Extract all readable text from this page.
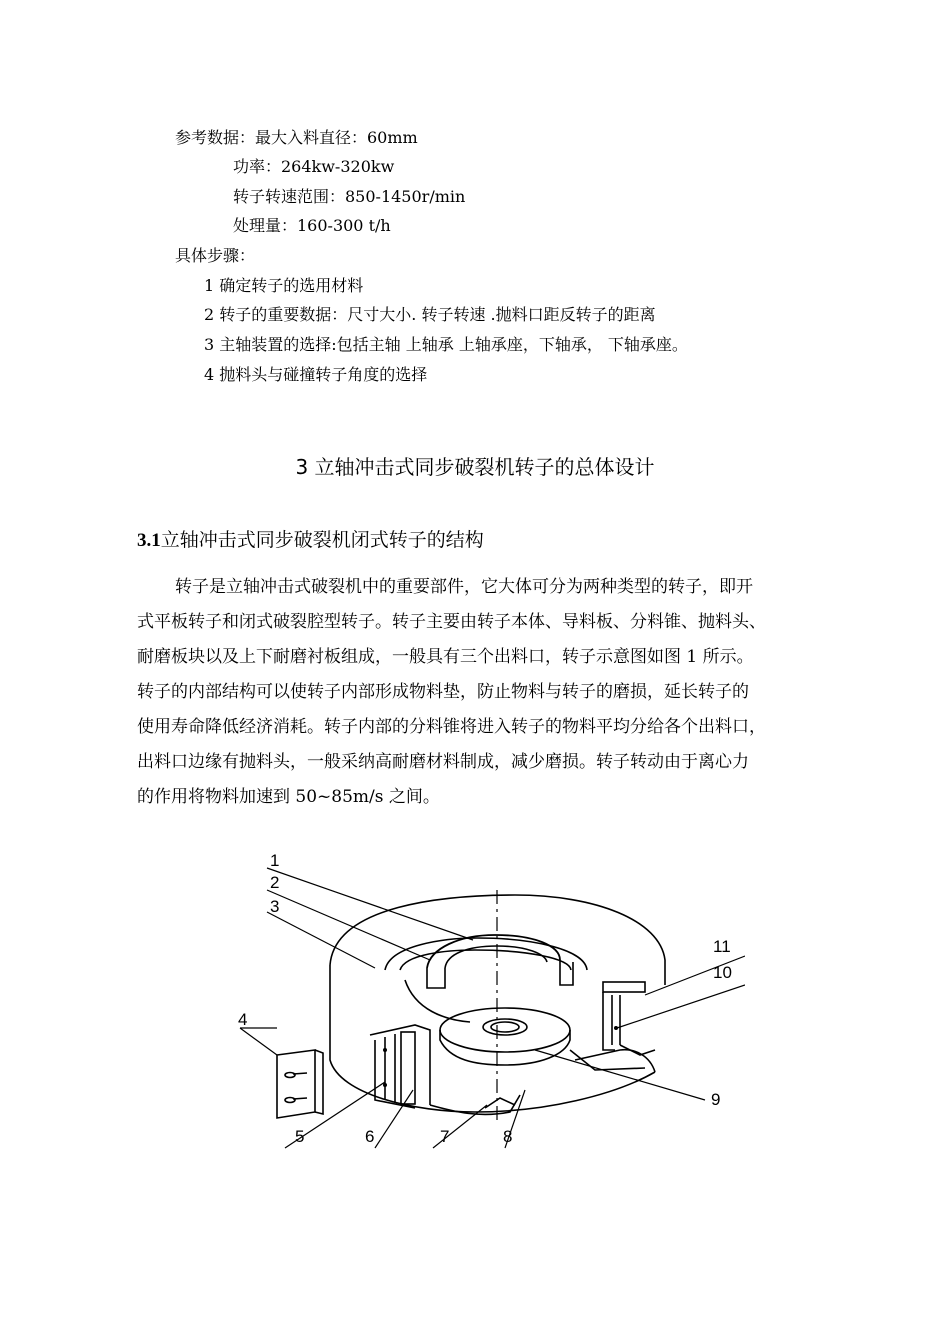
参考数据： 最大入料直径：60mm
功率：264kw-320kw
转子转速范围：850-1450r/min
处理量：160-300 t/h
具体步骤：
1 确定转子的选用材料
2 转子的重要数据：尺寸大小. 转子转速 .抛料口距反转子的距离
3 主轴装置的选择:包括主轴 上轴承 上轴承座，下轴承， 下轴承座。
4 抛料头与碰撞转子角度的选择
3 立轴冲击式同步破裂机转子的总体设计
3.1立轴冲击式同步破裂机闭式转子的结构

转子是立轴冲击式破裂机中的重要部件，它大体可分为两种类型的转子，即开

式平板转子和闭式破裂腔型转子。转子主要由转子本体、导料板、分料锥、抛料头、

耐磨板块以及上下耐磨衬板组成，一般具有三个出料口，转子示意图如图 1 所示。

转子的内部结构可以使转子内部形成物料垫，防止物料与转子的磨损，延长转子的

使用寿命降低经济消耗。转子内部的分料锥将进入转子的物料平均分给各个出料口，

出料口边缘有抛料头，一般采纳高耐磨材料制成，减少磨损。转子转动由于离心力

的作用将物料加速到 50~85m/s 之间。

1
2
3
4
5	6	7	8
9
10
11
